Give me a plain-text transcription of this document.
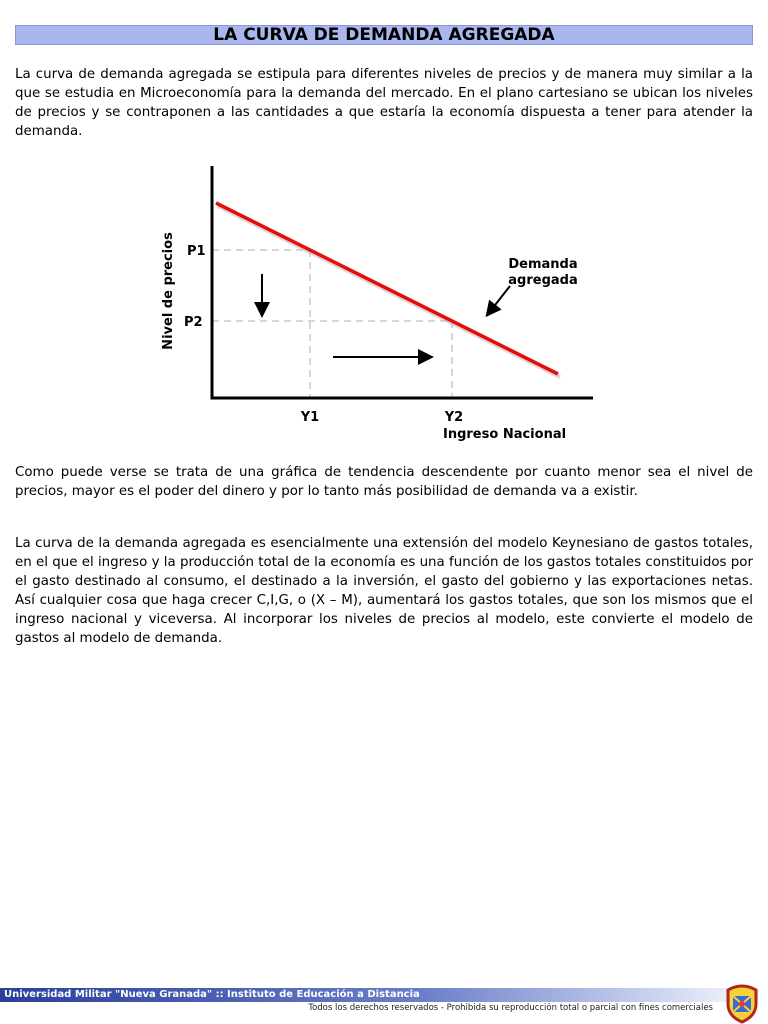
LA CURVA DE DEMANDA AGREGADA

La curva de demanda agregada se estipula para diferentes niveles de precios y de manera muy similar a la que se estudia en Microeconomía para la demanda del mercado. En el plano cartesiano se ubican los niveles de precios y se contraponen a las cantidades a que estaría la economía dispuesta a tener para atender la demanda.

P1
P2
Y1	Y2
Ingreso Nacional
Nivel de precios	Demanda
agregada

Como puede verse se trata de una gráfica de tendencia descendente por cuanto menor sea el nivel de precios, mayor es el poder del dinero y por lo tanto más posibilidad de demanda va a existir.

La curva de la demanda agregada es esencialmente una extensión del modelo Keynesiano de gastos totales, en el que el ingreso y la producción total de la economía es una función de los gastos totales constituidos por el gasto destinado al consumo, el destinado a la inversión, el gasto del gobierno y las exportaciones netas. Así cualquier cosa que haga crecer C,I,G, o (X – M), aumentará los gastos totales, que son los mismos que el ingreso nacional y viceversa. Al incorporar los niveles de precios al modelo, este convierte el modelo de gastos al modelo de demanda.

Universidad Militar "Nueva Granada" :: Instituto de Educación a Distancia
Todos los derechos reservados - Prohibida su reproducción total o parcial con fines comerciales
